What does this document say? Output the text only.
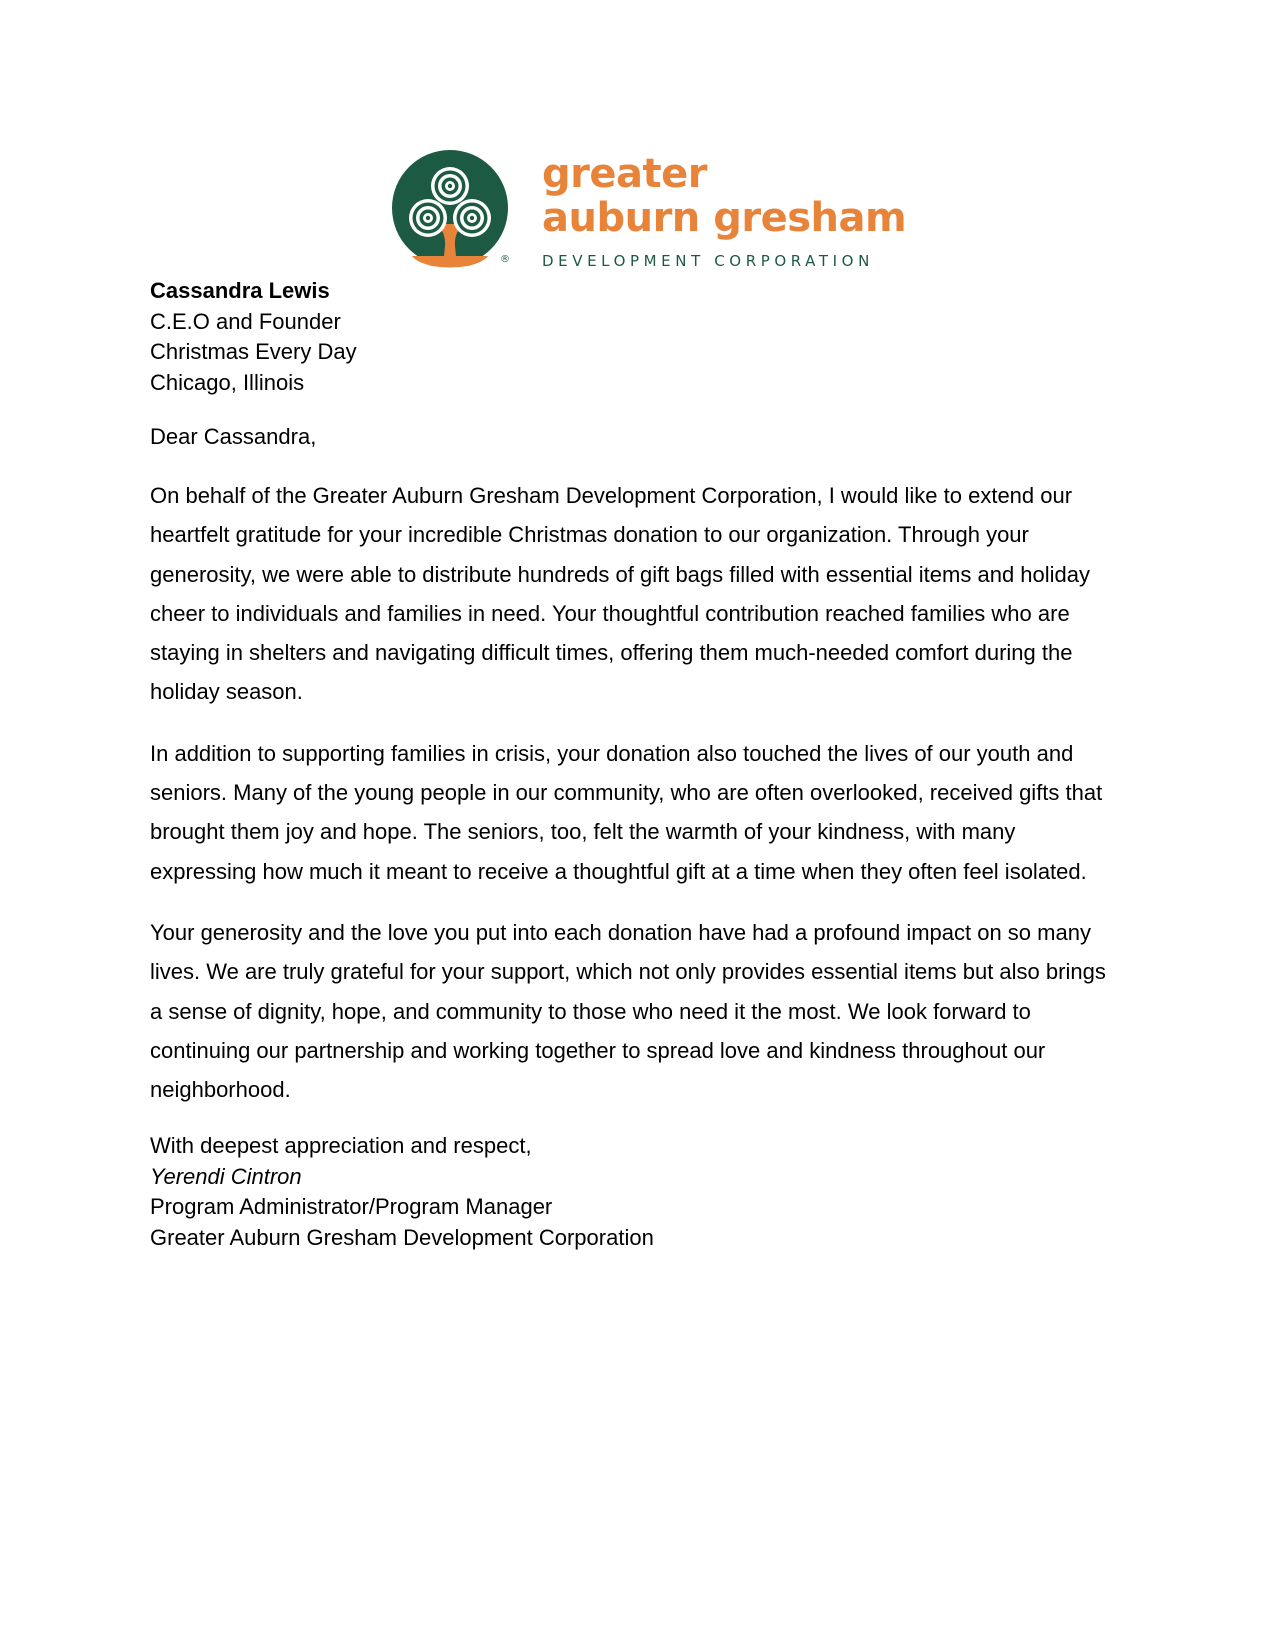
®
greater
auburn gresham
DEVELOPMENT CORPORATION
Cassandra Lewis
C.E.O and Founder
Christmas Every Day
Chicago, Illinois
Dear Cassandra,

On behalf of the Greater Auburn Gresham Development Corporation, I would like to extend our heartfelt gratitude for your incredible Christmas donation to our organization. Through your generosity, we were able to distribute hundreds of gift bags filled with essential items and holiday cheer to individuals and families in need. Your thoughtful contribution reached families who are staying in shelters and navigating difficult times, offering them much-needed comfort during the holiday season.

In addition to supporting families in crisis, your donation also touched the lives of our youth and seniors. Many of the young people in our community, who are often overlooked, received gifts that brought them joy and hope. The seniors, too, felt the warmth of your kindness, with many expressing how much it meant to receive a thoughtful gift at a time when they often feel isolated.

Your generosity and the love you put into each donation have had a profound impact on so many lives. We are truly grateful for your support, which not only provides essential items but also brings a sense of dignity, hope, and community to those who need it the most. We look forward to continuing our partnership and working together to spread love and kindness throughout our neighborhood.

With deepest appreciation and respect,
Yerendi Cintron
Program Administrator/Program Manager
Greater Auburn Gresham Development Corporation
